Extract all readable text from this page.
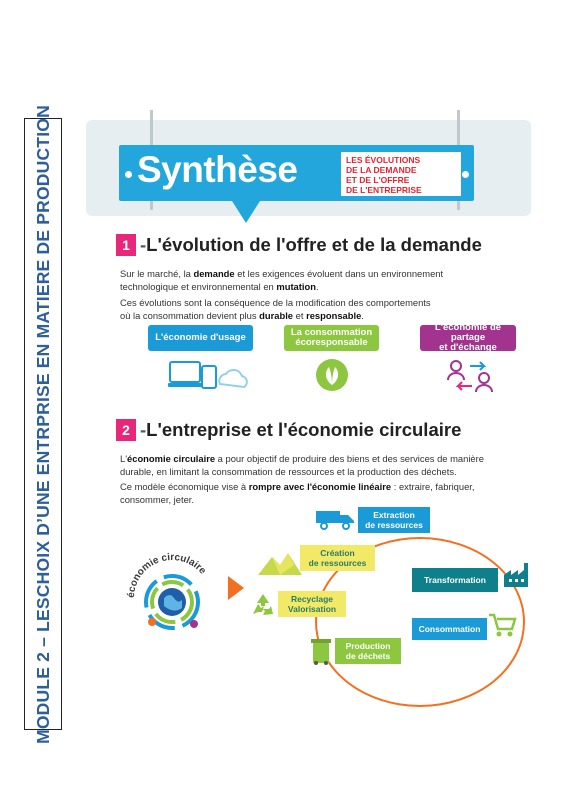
MODULE 2 – LESCHOIX D’UNE ENTRPRISE EN MATIERE DE PRODUCTION Synthèse	LES ÉVOLUTIONS
DE LA DEMANDE
ET DE L'OFFRE
DE L'ENTREPRISE
1 -L'évolution de l'offre et de la demande
Sur le marché, la demande et les exigences évoluent dans un environnement
technologique et environnemental en mutation.
Ces évolutions sont la conséquence de la modification des comportements
où la consommation devient plus durable et responsable.
L'économie d'usage	La consommation
écoresponsable
L'économie de partage
et d'échange
2 -L'entreprise et l'économie circulaire
L'économie circulaire a pour objectif de produire des biens et des services de manière
durable, en limitant la consommation de ressources et la production des déchets.
Ce modèle économique vise à rompre avec l'économie linéaire : extraire, fabriquer,
consommer, jeter.
économie circulaire
Extraction
de ressources
Création
de ressources
Transformation
Recyclage
Valorisation
Consommation
Production
de déchets
